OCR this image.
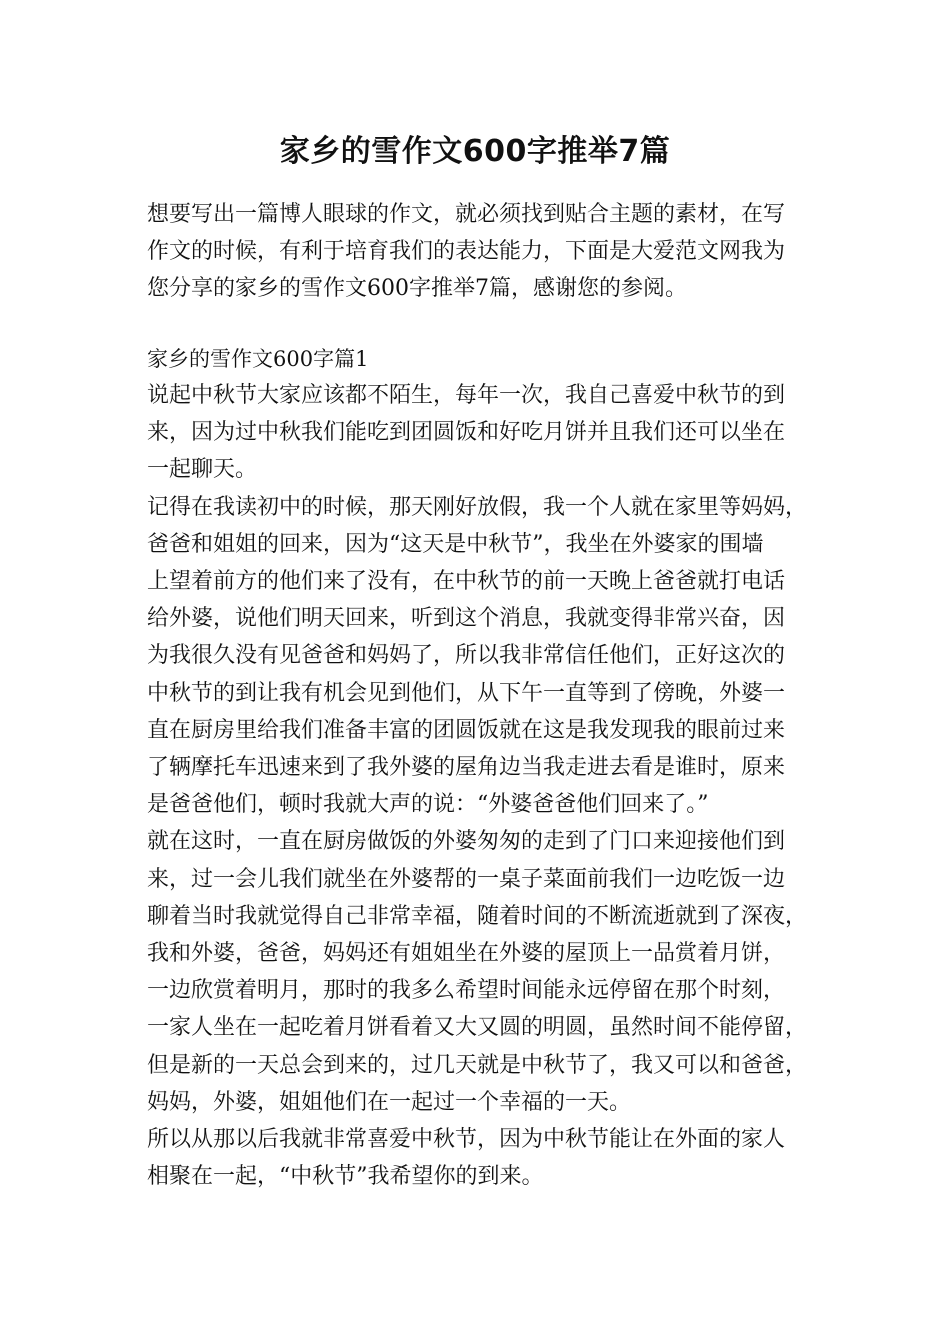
家乡的雪作文600字推举7篇
想要写出一篇博人眼球的作文，就必须找到贴合主题的素材，在写
作文的时候，有利于培育我们的表达能力，下面是大爱范文网我为
您分享的家乡的雪作文600字推举7篇，感谢您的参阅。
家乡的雪作文600字篇1
说起中秋节大家应该都不陌生，每年一次，我自己喜爱中秋节的到
来，因为过中秋我们能吃到团圆饭和好吃月饼并且我们还可以坐在
一起聊天。
记得在我读初中的时候，那天刚好放假，我一个人就在家里等妈妈，
爸爸和姐姐的回来，因为“这天是中秋节”，我坐在外婆家的围墙
上望着前方的他们来了没有，在中秋节的前一天晚上爸爸就打电话
给外婆，说他们明天回来，听到这个消息，我就变得非常兴奋，因
为我很久没有见爸爸和妈妈了，所以我非常信任他们，正好这次的
中秋节的到让我有机会见到他们，从下午一直等到了傍晚，外婆一
直在厨房里给我们准备丰富的团圆饭就在这是我发现我的眼前过来
了辆摩托车迅速来到了我外婆的屋角边当我走进去看是谁时，原来
是爸爸他们，顿时我就大声的说：“外婆爸爸他们回来了。”
就在这时，一直在厨房做饭的外婆匆匆的走到了门口来迎接他们到
来，过一会儿我们就坐在外婆帮的一桌子菜面前我们一边吃饭一边
聊着当时我就觉得自己非常幸福，随着时间的不断流逝就到了深夜，
我和外婆，爸爸，妈妈还有姐姐坐在外婆的屋顶上一品赏着月饼，
一边欣赏着明月，那时的我多么希望时间能永远停留在那个时刻，
一家人坐在一起吃着月饼看着又大又圆的明圆，虽然时间不能停留，
但是新的一天总会到来的，过几天就是中秋节了，我又可以和爸爸，
妈妈，外婆，姐姐他们在一起过一个幸福的一天。
所以从那以后我就非常喜爱中秋节，因为中秋节能让在外面的家人
相聚在一起，“中秋节”我希望你的到来。
